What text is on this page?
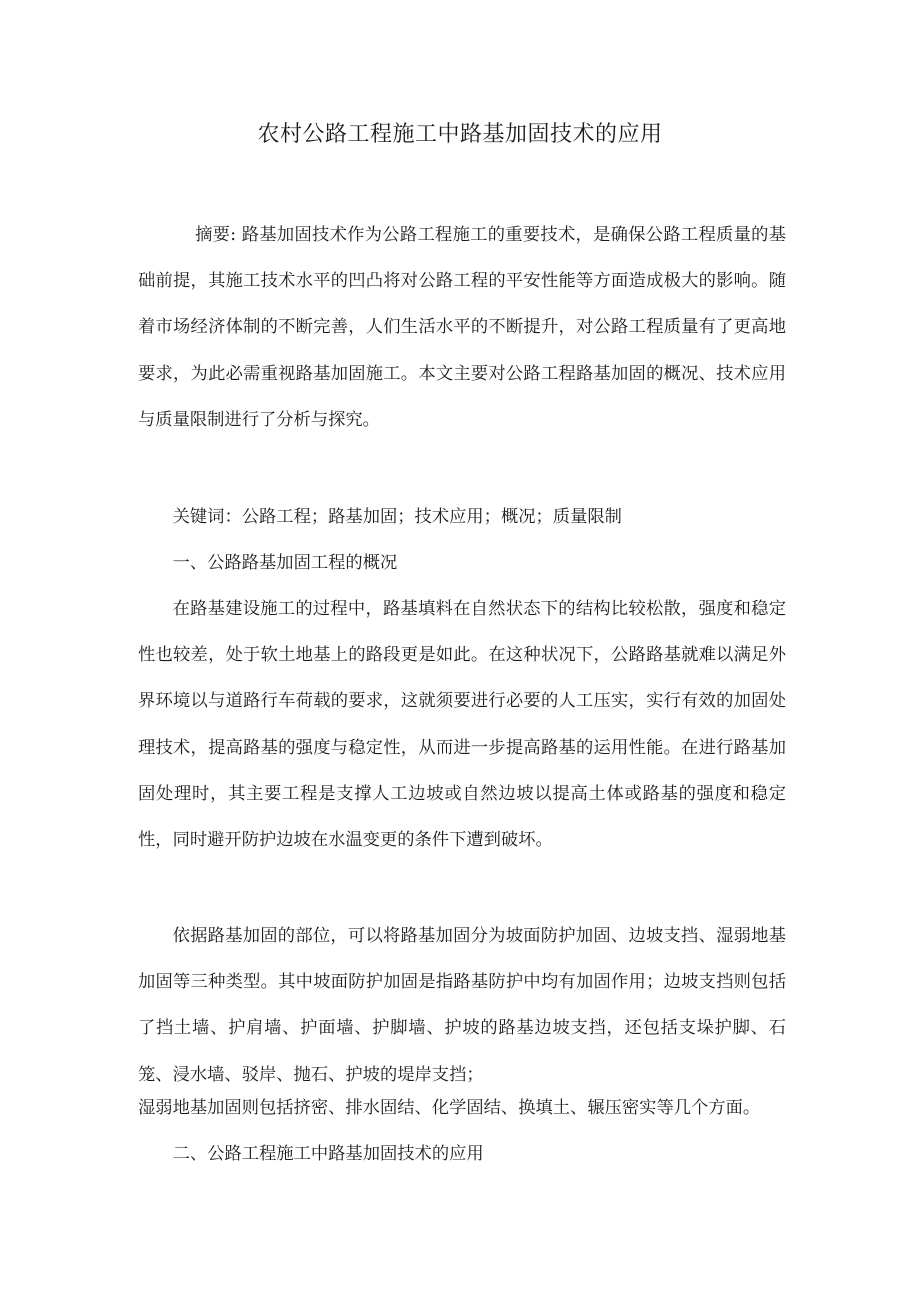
农村公路工程施工中路基加固技术的应用

摘要: 路基加固技术作为公路工程施工的重要技术，是确保公路工程质量的基础前提，其施工技术水平的凹凸将对公路工程的平安性能等方面造成极大的影响。随着市场经济体制的不断完善，人们生活水平的不断提升，对公路工程质量有了更高地要求，为此必需重视路基加固施工。本文主要对公路工程路基加固的概况、技术应用与质量限制进行了分析与探究。

关键词：公路工程；路基加固；技术应用；概况；质量限制

一、公路路基加固工程的概况

在路基建设施工的过程中，路基填料在自然状态下的结构比较松散，强度和稳定性也较差，处于软土地基上的路段更是如此。在这种状况下，公路路基就难以满足外界环境以与道路行车荷载的要求，这就须要进行必要的人工压实，实行有效的加固处理技术，提高路基的强度与稳定性，从而进一步提高路基的运用性能。在进行路基加固处理时，其主要工程是支撑人工边坡或自然边坡以提高土体或路基的强度和稳定性，同时避开防护边坡在水温变更的条件下遭到破坏。

依据路基加固的部位，可以将路基加固分为坡面防护加固、边坡支挡、湿弱地基加固等三种类型。其中坡面防护加固是指路基防护中均有加固作用；边坡支挡则包括了挡土墙、护肩墙、护面墙、护脚墙、护坡的路基边坡支挡，还包括支垛护脚、石笼、浸水墙、驳岸、抛石、护坡的堤岸支挡；

湿弱地基加固则包括挤密、排水固结、化学固结、换填土、辗压密实等几个方面。

二、公路工程施工中路基加固技术的应用
